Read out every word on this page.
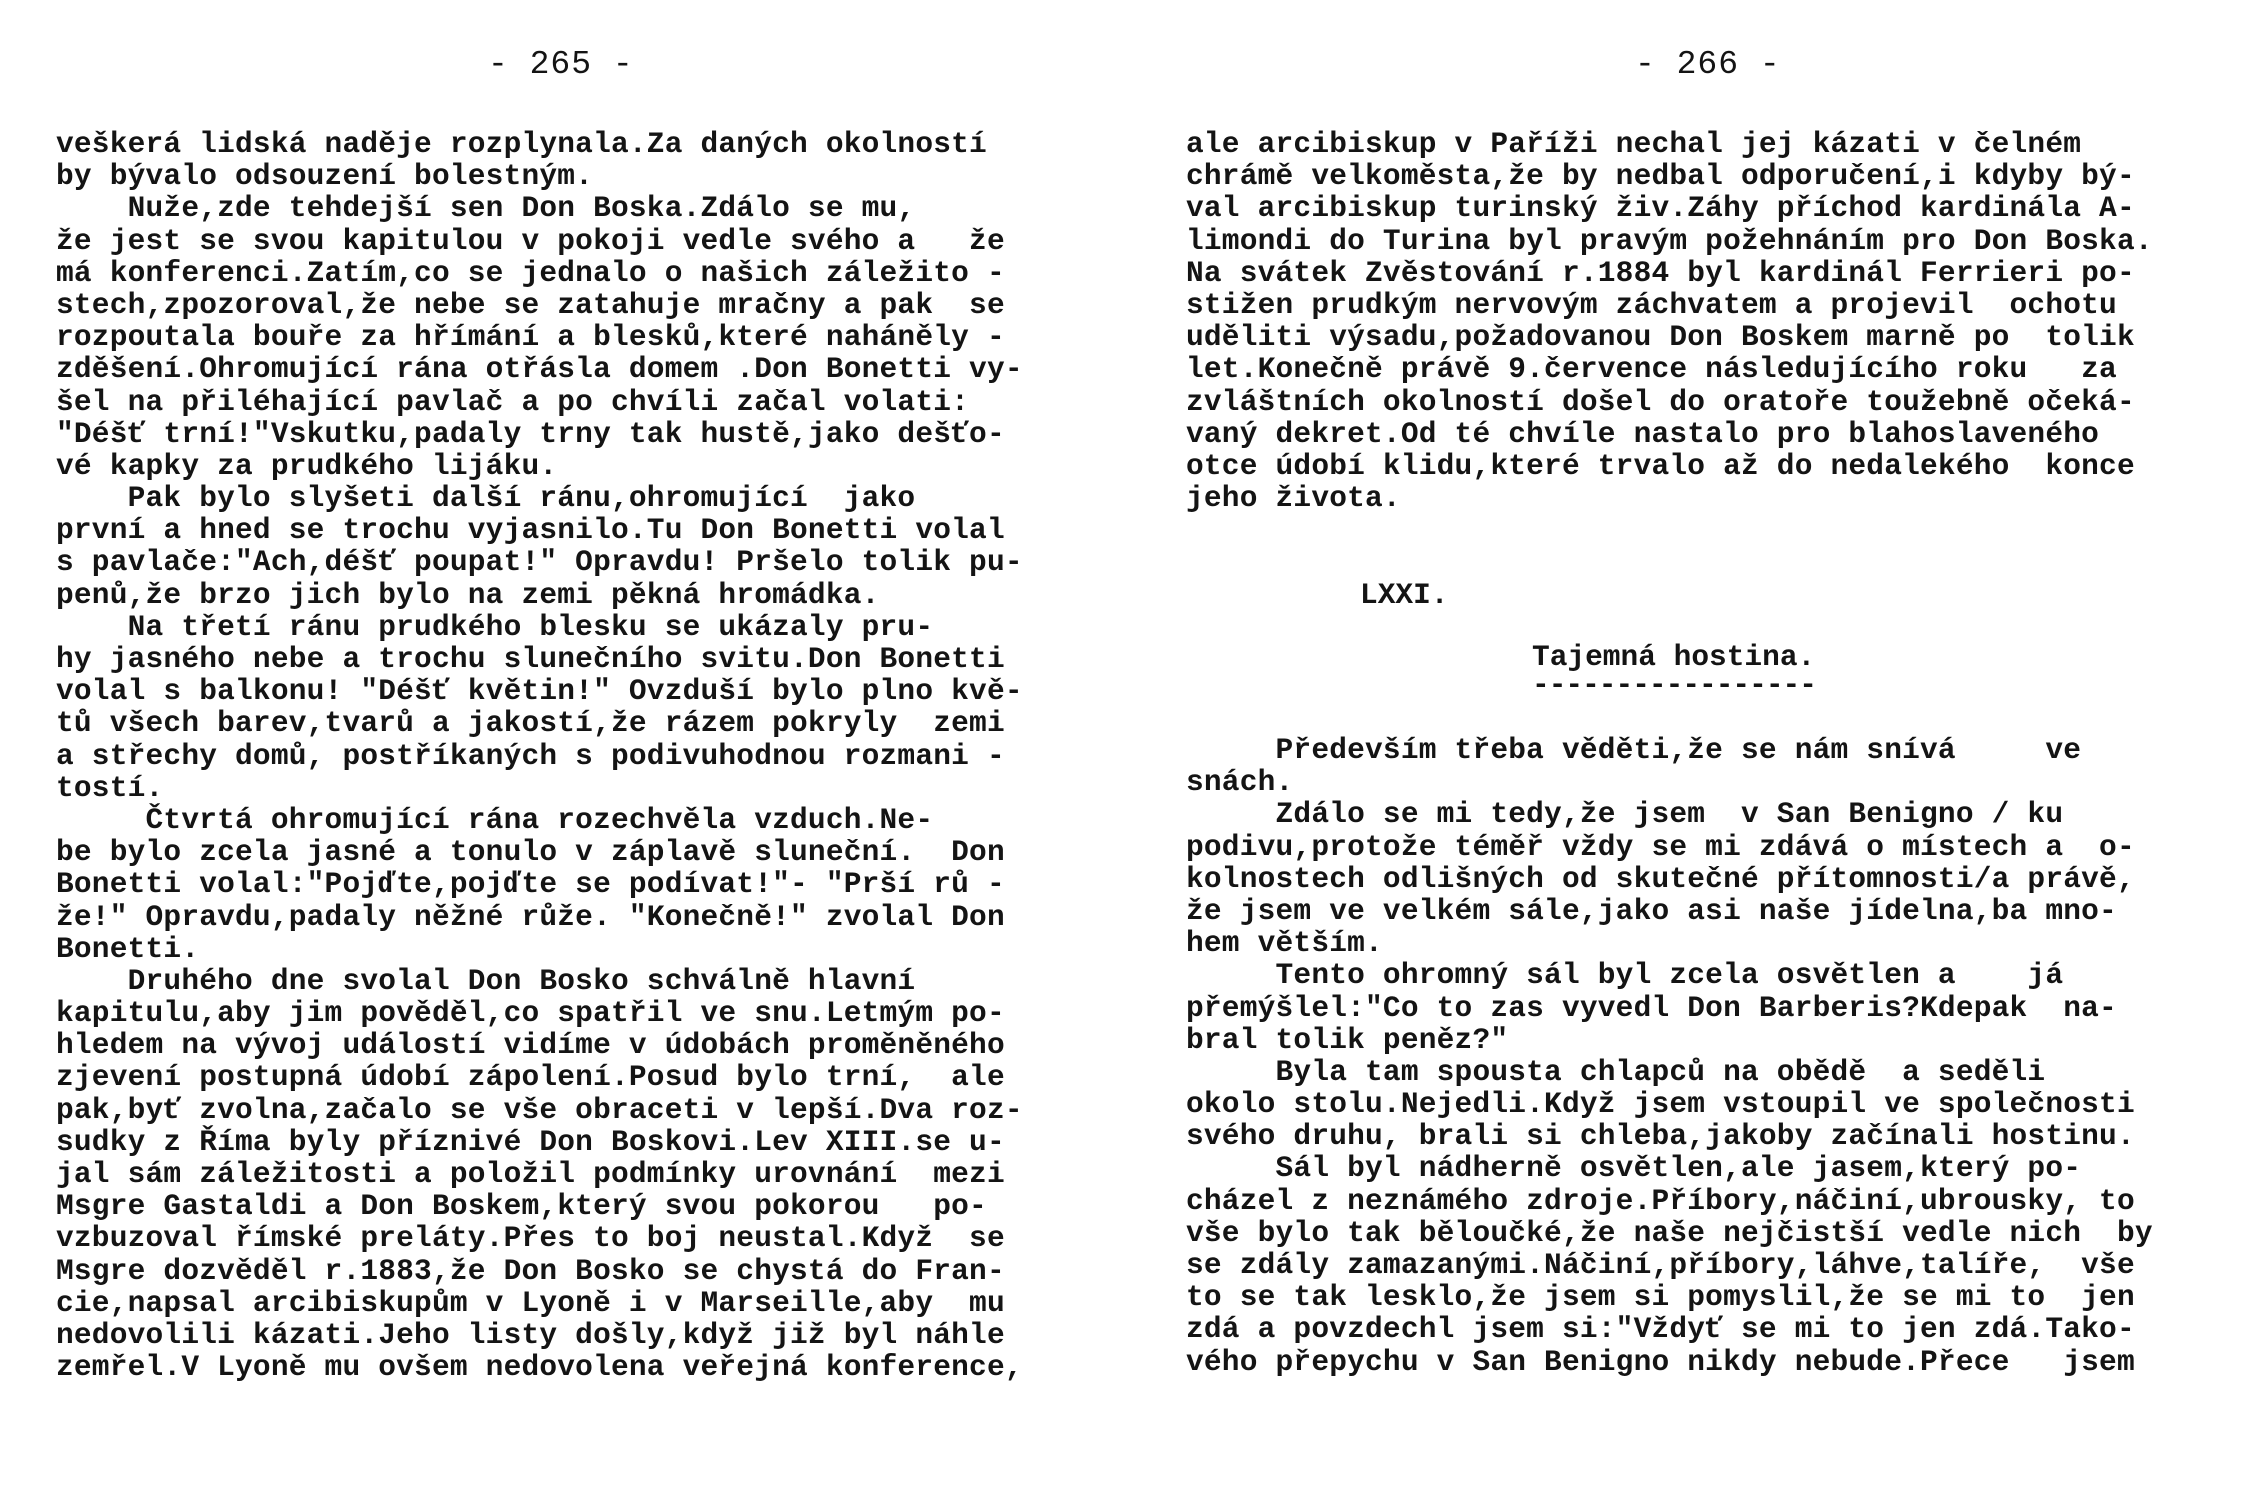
- 265 -
veškerá lidská naděje rozplynala.Za daných okolností
by bývalo odsouzení bolestným.
Nuže,zde tehdejší sen Don Boska.Zdálo se mu,
že jest se svou kapitulou v pokoji vedle svého a   že
má konferenci.Zatím,co se jednalo o našich záležito -
stech,zpozoroval,že nebe se zatahuje mračny a pak  se
rozpoutala bouře za hřímání a blesků,které naháněly -
zděšení.Ohromující rána otřásla domem .Don Bonetti vy-
šel na přiléhající pavlač a po chvíli začal volati:
"Déšť trní!"Vskutku,padaly trny tak hustě,jako dešťo-
vé kapky za prudkého lijáku.
Pak bylo slyšeti další ránu,ohromující  jako
první a hned se trochu vyjasnilo.Tu Don Bonetti volal
s pavlače:"Ach,déšť poupat!" Opravdu! Pršelo tolik pu-
penů,že brzo jich bylo na zemi pěkná hromádka.
Na třetí ránu prudkého blesku se ukázaly pru-
hy jasného nebe a trochu slunečního svitu.Don Bonetti
volal s balkonu! "Déšť květin!" Ovzduší bylo plno kvě-
tů všech barev,tvarů a jakostí,že rázem pokryly  zemi
a střechy domů, postříkaných s podivuhodnou rozmani -
tostí.
Čtvrtá ohromující rána rozechvěla vzduch.Ne-
be bylo zcela jasné a tonulo v záplavě sluneční.  Don
Bonetti volal:"Pojďte,pojďte se podívat!"- "Prší rů -
že!" Opravdu,padaly něžné růže. "Konečně!" zvolal Don
Bonetti.
Druhého dne svolal Don Bosko schválně hlavní
kapitulu,aby jim pověděl,co spatřil ve snu.Letmým po-
hledem na vývoj událostí vidíme v údobách proměněného
zjevení postupná údobí zápolení.Posud bylo trní,  ale
pak,byť zvolna,začalo se vše obraceti v lepší.Dva roz-
sudky z Říma byly příznivé Don Boskovi.Lev XIII.se u-
jal sám záležitosti a položil podmínky urovnání  mezi
Msgre Gastaldi a Don Boskem,který svou pokorou   po-
vzbuzoval římské preláty.Přes to boj neustal.Když  se
Msgre dozvěděl r.1883,že Don Bosko se chystá do Fran-
cie,napsal arcibiskupům v Lyoně i v Marseille,aby  mu
nedovolili kázati.Jeho listy došly,když již byl náhle
zemřel.V Lyoně mu ovšem nedovolena veřejná konference,
- 266 -
ale arcibiskup v Paříži nechal jej kázati v čelném
chrámě velkoměsta,že by nedbal odporučení,i kdyby bý-
val arcibiskup turinský živ.Záhy příchod kardinála A-
limondi do Turina byl pravým požehnáním pro Don Boska.
Na svátek Zvěstování r.1884 byl kardinál Ferrieri po-
stižen prudkým nervovým záchvatem a projevil  ochotu
uděliti výsadu,požadovanou Don Boskem marně po  tolik
let.Konečně právě 9.července následujícího roku   za
zvláštních okolností došel do oratoře toužebně očeká-
vaný dekret.Od té chvíle nastalo pro blahoslaveného
otce údobí klidu,které trvalo až do nedalekého  konce
jeho života.
LXXI.
Tajemná hostina.
-----------------
Především třeba věděti,že se nám snívá     ve
snách.
Zdálo se mi tedy,že jsem  v San Benigno / ku
podivu,protože téměř vždy se mi zdává o místech a  o-
kolnostech odlišných od skutečné přítomnosti/a právě,
že jsem ve velkém sále,jako asi naše jídelna,ba mno-
hem větším.
Tento ohromný sál byl zcela osvětlen a    já
přemýšlel:"Co to zas vyvedl Don Barberis?Kdepak  na-
bral tolik peněz?"
Byla tam spousta chlapců na obědě  a seděli
okolo stolu.Nejedli.Když jsem vstoupil ve společnosti
svého druhu, brali si chleba,jakoby začínali hostinu.
Sál byl nádherně osvětlen,ale jasem,který po-
cházel z neznámého zdroje.Příbory,náčiní,ubrousky, to
vše bylo tak běloučké,že naše nejčistší vedle nich  by
se zdály zamazanými.Náčiní,příbory,láhve,talíře,  vše
to se tak lesklo,že jsem si pomyslil,že se mi to  jen
zdá a povzdechl jsem si:"Vždyť se mi to jen zdá.Tako-
vého přepychu v San Benigno nikdy nebude.Přece   jsem
